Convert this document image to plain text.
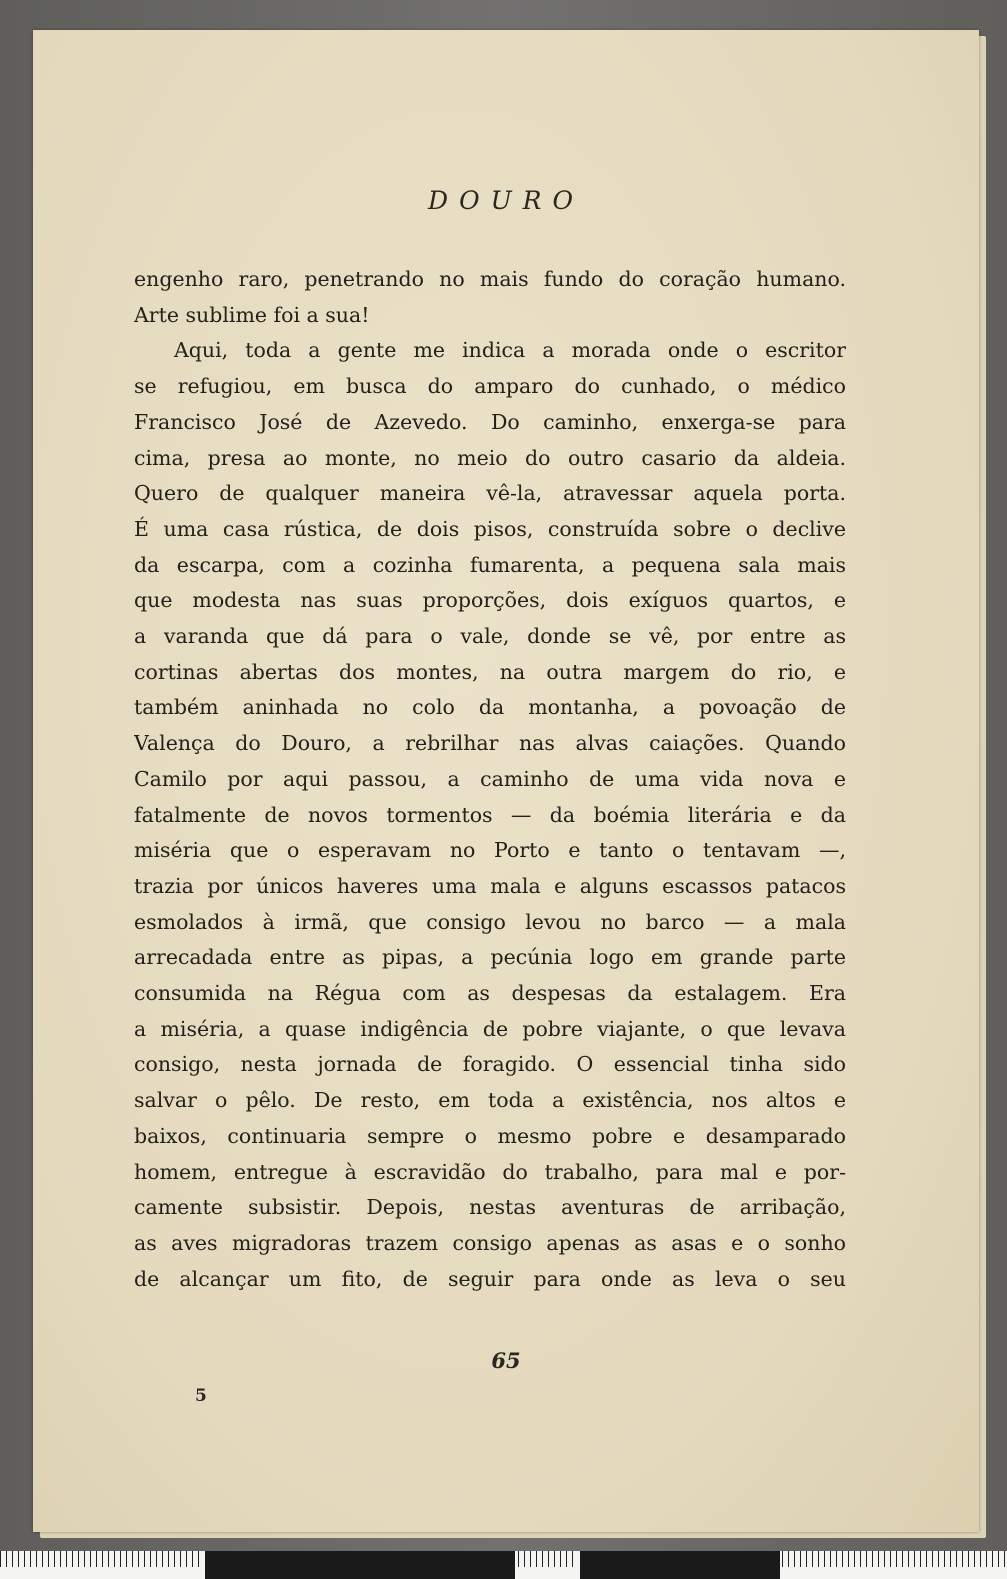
DOURO
engenho raro, penetrando no mais fundo do coração humano.
Arte sublime foi a sua!
Aqui, toda a gente me indica a morada onde o escritor
se refugiou, em busca do amparo do cunhado, o médico
Francisco José de Azevedo. Do caminho, enxerga-se para
cima, presa ao monte, no meio do outro casario da aldeia.
Quero de qualquer maneira vê-la, atravessar aquela porta.
É uma casa rústica, de dois pisos, construída sobre o declive
da escarpa, com a cozinha fumarenta, a pequena sala mais
que modesta nas suas proporções, dois exíguos quartos, e
a varanda que dá para o vale, donde se vê, por entre as
cortinas abertas dos montes, na outra margem do rio, e
também aninhada no colo da montanha, a povoação de
Valença do Douro, a rebrilhar nas alvas caiações. Quando
Camilo por aqui passou, a caminho de uma vida nova e
fatalmente de novos tormentos — da boémia literária e da
miséria que o esperavam no Porto e tanto o tentavam —,
trazia por únicos haveres uma mala e alguns escassos patacos
esmolados à irmã, que consigo levou no barco — a mala
arrecadada entre as pipas, a pecúnia logo em grande parte
consumida na Régua com as despesas da estalagem. Era
a miséria, a quase indigência de pobre viajante, o que levava
consigo, nesta jornada de foragido. O essencial tinha sido
salvar o pêlo. De resto, em toda a existência, nos altos e
baixos, continuaria sempre o mesmo pobre e desamparado
homem, entregue à escravidão do trabalho, para mal e por-
camente subsistir. Depois, nestas aventuras de arribação,
as aves migradoras trazem consigo apenas as asas e o sonho
de alcançar um fito, de seguir para onde as leva o seu
65
5
